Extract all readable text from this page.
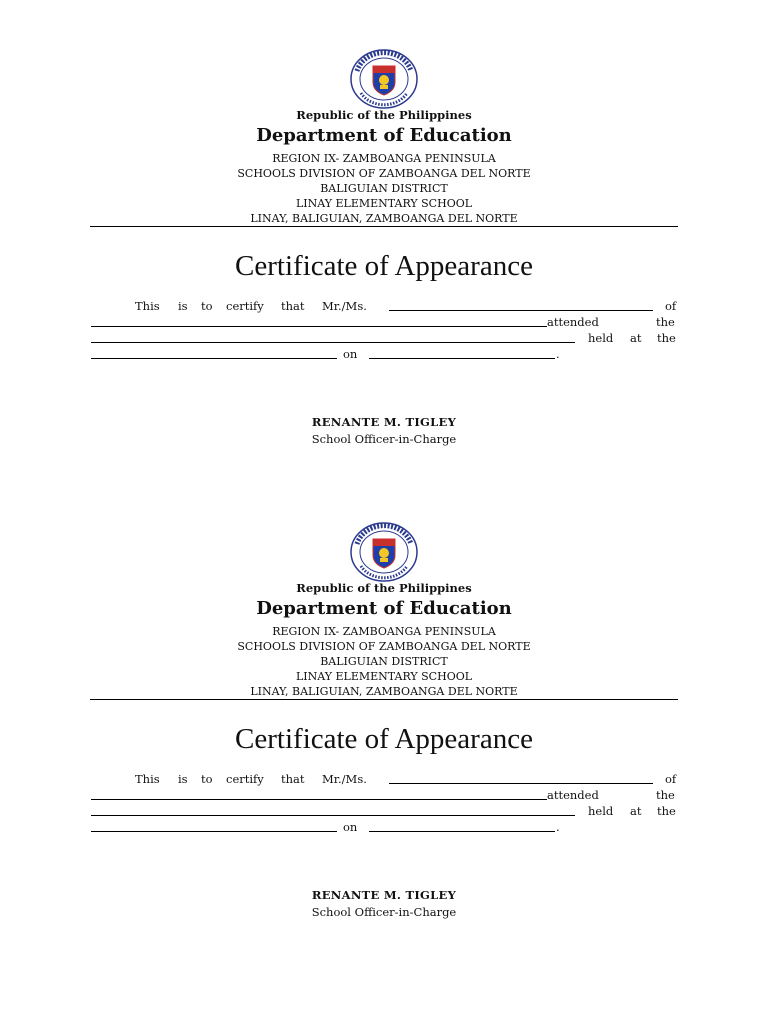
Republic of the Philippines
Department of Education
REGION IX- ZAMBOANGA PENINSULA
SCHOOLS DIVISION OF ZAMBOANGA DEL NORTE
BALIGUIAN DISTRICT
LINAY ELEMENTARY SCHOOL
LINAY, BALIGUIAN, ZAMBOANGA DEL NORTE
Certificate of Appearance
This is to certify that Mr./Ms.	of
attended	the
held at the
on	.
RENANTE M. TIGLEY
School Officer-in-Charge
Republic of the Philippines
Department of Education
REGION IX- ZAMBOANGA PENINSULA
SCHOOLS DIVISION OF ZAMBOANGA DEL NORTE
BALIGUIAN DISTRICT
LINAY ELEMENTARY SCHOOL
LINAY, BALIGUIAN, ZAMBOANGA DEL NORTE
Certificate of Appearance
This is to certify that Mr./Ms.	of
attended	the
held at the
on	.
RENANTE M. TIGLEY
School Officer-in-Charge
